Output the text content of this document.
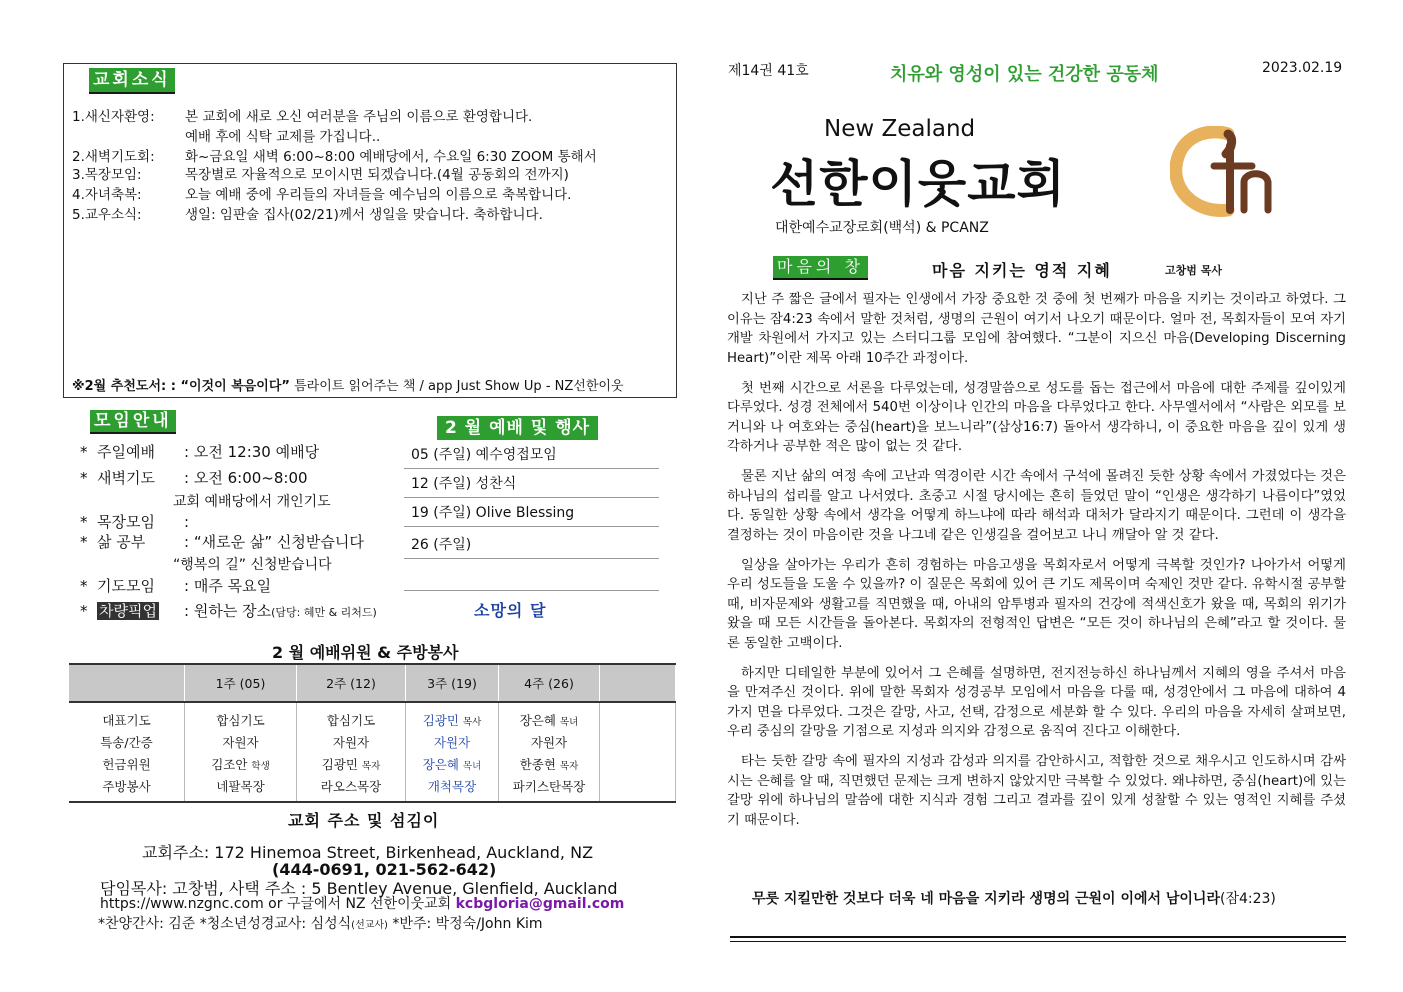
교회소식
1.새신자환영: 본 교회에 새로 오신 여러분을 주님의 이름으로 환영합니다.
예배 후에 식탁 교제를 가집니다..
2.새벽기도회: 화~금요일 새벽 6:00~8:00 예배당에서, 수요일 6:30 ZOOM 통해서
3.목장모임:	목장별로 자율적으로 모이시면 되겠습니다.(4월 공동회의 전까지)
4.자녀축복:	오늘 예배 중에 우리들의 자녀들을 예수님의 이름으로 축복합니다.
5.교우소식:	생일: 임판술 집사(02/21)께서 생일을 맞습니다. 축하합니다.
※2월 추천도서: : “이것이 복음이다” 틈라이트 읽어주는 책 / app Just Show Up - NZ선한이웃
모임안내
*  주일예배 : 오전 12:30 예배당
*  새벽기도 : 오전 6:00~8:00
교회 예배당에서 개인기도
*  목장모임 :
*  삶 공부	: “새로운 삶” 신청받습니다
“행복의 길” 신청받습니다
*  기도모임 : 매주 목요일
*  차량픽업 : 원하는 장소(담당: 혜만 & 리처드)
2 월 예배 및 행사
05 (주일) 예수영접모임
12 (주일) 성찬식
19 (주일) Olive Blessing
26 (주일)
소망의 달
2 월 예배위원 & 주방봉사
	1주 (05)	2주 (12)	3주 (19)	4주 (26)	
대표기도	합심기도	합심기도	김광민 목사	장은혜 목녀	
특송/간증	자원자	자원자	자원자	자원자	
헌금위원	김조안 학생	김광민 목자	장은혜 목녀	한종현 목자	
주방봉사	네팔목장	라오스목장	개척목장	파키스탄목장	
교회 주소 및 섬김이
교회주소: 172 Hinemoa Street, Birkenhead, Auckland, NZ
(444-0691, 021-562-642)
담임목사: 고창범, 사택 주소 : 5 Bentley Avenue, Glenfield, Auckland
https://www.nzgnc.com or 구글에서 NZ 선한이웃교회 kcbgloria@gmail.com
*찬양간사: 김준 *청소년성경교사: 심성식(선교사) *반주: 박정숙/John Kim
제14권 41호	치유와 영성이 있는 건강한 공동체	2023.02.19
New Zealand
선한이웃교회
대한예수교장로회(백석) & PCANZ
마음의 창	마음 지키는 영적 지혜	고창범 목사

지난 주 짧은 글에서 필자는 인생에서 가장 중요한 것 중에 첫 번째가 마음을 지키는 것이라고 하였다. 그 이유는 잠4:23 속에서 말한 것처럼, 생명의 근원이 여기서 나오기 때문이다. 얼마 전, 목회자들이 모여 자기개발 차원에서 가지고 있는 스터디그룹 모임에 참여했다. “그분이 지으신 마음(Developing Discerning Heart)”이란 제목 아래 10주간 과정이다.

첫 번째 시간으로 서론을 다루었는데, 성경말씀으로 성도를 돕는 접근에서 마음에 대한 주제를 깊이있게 다루었다. 성경 전체에서 540번 이상이나 인간의 마음을 다루었다고 한다. 사무엘서에서 “사람은 외모를 보거니와 나 여호와는 중심(heart)을 보느니라”(삼상16:7) 돌아서 생각하니, 이 중요한 마음을 깊이 있게 생각하거나 공부한 적은 많이 없는 것 같다.

물론 지난 삶의 여정 속에 고난과 역경이란 시간 속에서 구석에 몰려진 듯한 상황 속에서 가졌었다는 것은 하나님의 섭리를 알고 나서였다. 초중고 시절 당시에는 흔히 들었던 말이 “인생은 생각하기 나름이다”였었다. 동일한 상황 속에서 생각을 어떻게 하느냐에 따라 해석과 대처가 달라지기 때문이다. 그런데 이 생각을 결정하는 것이 마음이란 것을 나그네 같은 인생길을 걸어보고 나니 깨달아 알 것 같다.

일상을 살아가는 우리가 흔히 경험하는 마음고생을 목회자로서 어떻게 극복할 것인가? 나아가서 어떻게 우리 성도들을 도울 수 있을까? 이 질문은 목회에 있어 큰 기도 제목이며 숙제인 것만 같다. 유학시절 공부할 때, 비자문제와 생활고를 직면했을 때, 아내의 암투병과 필자의 건강에 적색신호가 왔을 때, 목회의 위기가 왔을 때 모든 시간들을 돌아본다. 목회자의 전형적인 답변은 “모든 것이 하나님의 은혜”라고 할 것이다. 물론 동일한 고백이다.

하지만 디테일한 부분에 있어서 그 은혜를 설명하면, 전지전능하신 하나님께서 지혜의 영을 주셔서 마음을 만져주신 것이다. 위에 말한 목회자 성경공부 모임에서 마음을 다룰 때, 성경안에서 그 마음에 대하여 4가지 면을 다루었다. 그것은 갈망, 사고, 선택, 감정으로 세분화 할 수 있다. 우리의 마음을 자세히 살펴보면, 우리 중심의 갈망을 기점으로 지성과 의지와 감정으로 움직여 진다고 이해한다.

타는 듯한 갈망 속에 필자의 지성과 감성과 의지를 감안하시고, 적합한 것으로 채우시고 인도하시며 감싸시는 은혜를 알 때, 직면했던 문제는 크게 변하지 않았지만 극복할 수 있었다. 왜냐하면, 중심(heart)에 있는 갈망 위에 하나님의 말씀에 대한 지식과 경험 그리고 결과를 깊이 있게 성찰할 수 있는 영적인 지혜를 주셨기 때문이다.

무릇 지킬만한 것보다 더욱 네 마음을 지키라 생명의 근원이 이에서 남이니라(잠4:23)
